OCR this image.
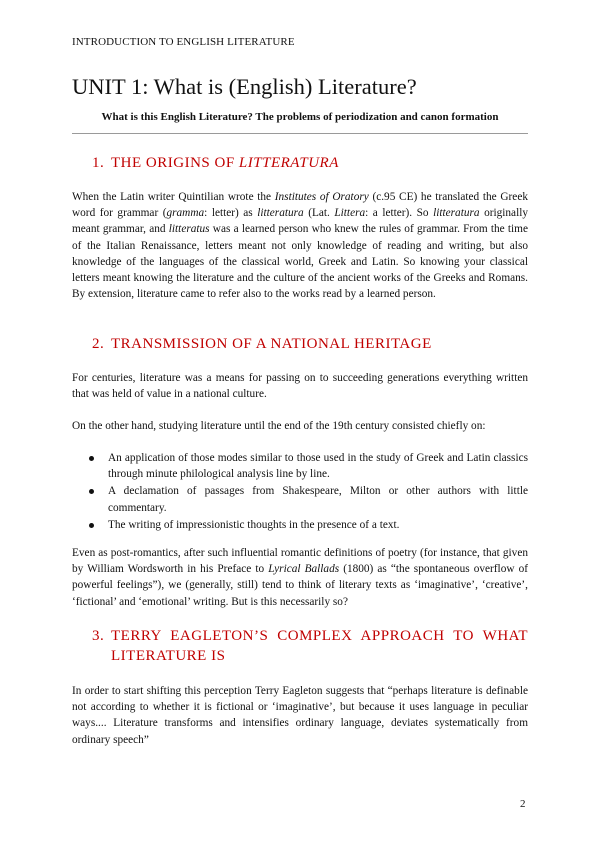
INTRODUCTION TO ENGLISH LITERATURE
UNIT 1: What is (English) Literature?
What is this English Literature? The problems of periodization and canon formation
1. THE ORIGINS OF LITTERATURA

When the Latin writer Quintilian wrote the Institutes of Oratory (c.95 CE) he translated the Greek word for grammar (gramma: letter) as litteratura (Lat. Littera: a letter). So litteratura originally meant grammar, and litteratus was a learned person who knew the rules of grammar. From the time of the Italian Renaissance, letters meant not only knowledge of reading and writing, but also knowledge of the languages of the classical world, Greek and Latin. So knowing your classical letters meant knowing the literature and the culture of the ancient works of the Greeks and Romans. By extension, literature came to refer also to the works read by a learned person.

2. TRANSMISSION OF A NATIONAL HERITAGE

For centuries, literature was a means for passing on to succeeding generations everything written that was held of value in a national culture.

On the other hand, studying literature until the end of the 19th century consisted chiefly on:

An application of those modes similar to those used in the study of Greek and Latin classics through minute philological analysis line by line.
A declamation of passages from Shakespeare, Milton or other authors with little commentary.
The writing of impressionistic thoughts in the presence of a text.

Even as post-romantics, after such influential romantic definitions of poetry (for instance, that given by William Wordsworth in his Preface to Lyrical Ballads (1800) as “the spontaneous overflow of powerful feelings”), we (generally, still) tend to think of literary texts as ‘imaginative’, ‘creative’, ‘fictional’ and ‘emotional’ writing. But is this necessarily so?

3. TERRY EAGLETON’S COMPLEX APPROACH TO WHAT
LITERATURE IS

In order to start shifting this perception Terry Eagleton suggests that “perhaps literature is definable not according to whether it is fictional or ‘imaginative’, but because it uses language in peculiar ways.... Literature transforms and intensifies ordinary language, deviates systematically from ordinary speech”

2
